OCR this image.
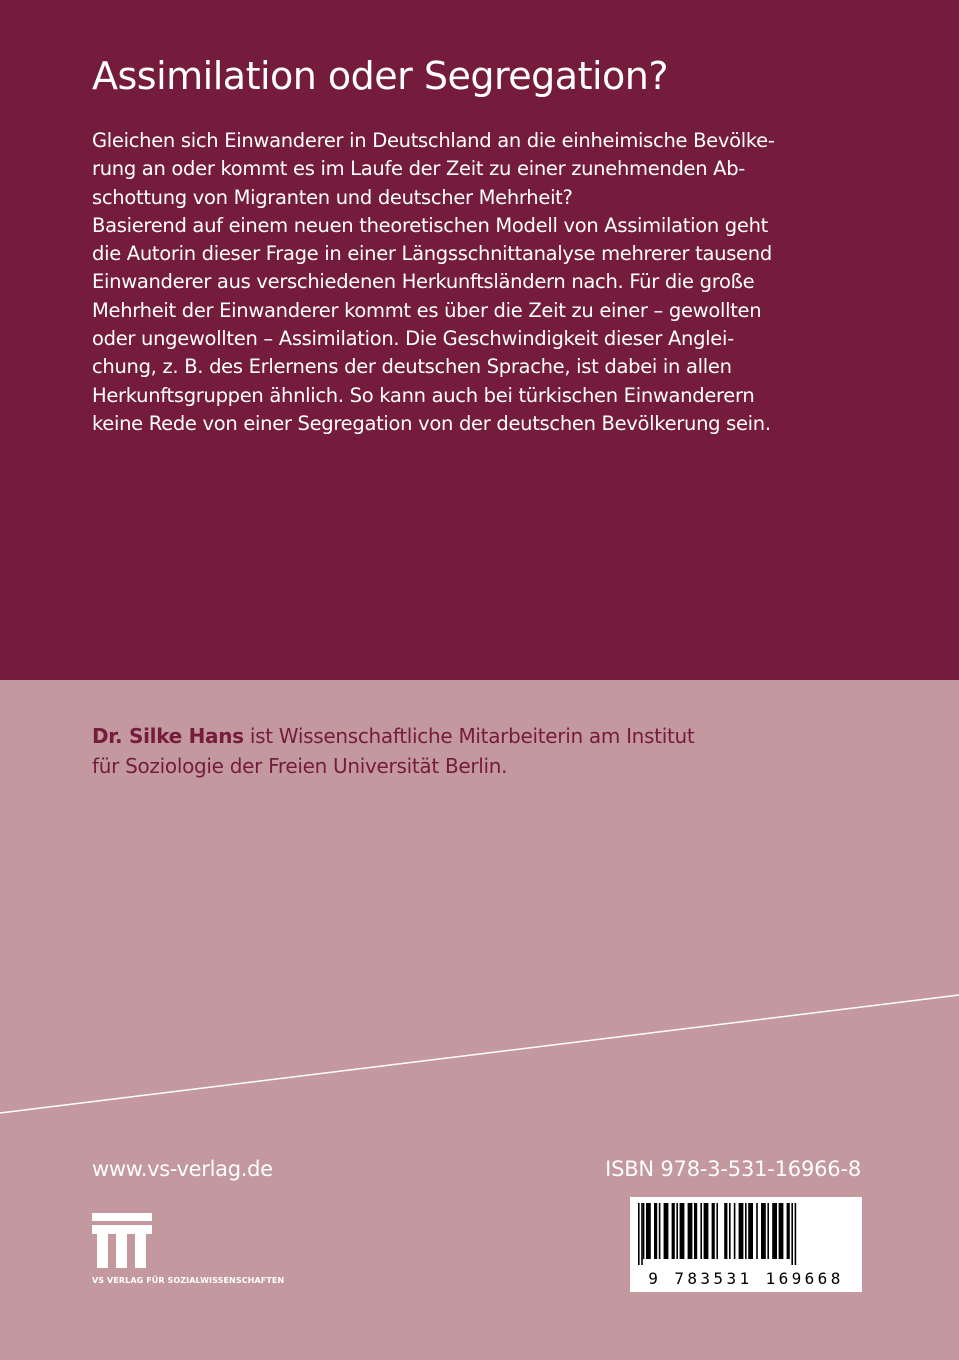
Assimilation oder Segregation?
Gleichen sich Einwanderer in Deutschland an die einheimische Bevölke-
rung an oder kommt es im Laufe der Zeit zu einer zunehmenden Ab-
schottung von Migranten und deutscher Mehrheit?
Basierend auf einem neuen theoretischen Modell von Assimilation geht
die Autorin dieser Frage in einer Längsschnittanalyse mehrerer tausend
Einwanderer aus verschiedenen Herkunftsländern nach. Für die große
Mehrheit der Einwanderer kommt es über die Zeit zu einer – gewollten
oder ungewollten – Assimilation. Die Geschwindigkeit dieser Anglei-
chung, z. B. des Erlernens der deutschen Sprache, ist dabei in allen
Herkunftsgruppen ähnlich. So kann auch bei türkischen Einwanderern
keine Rede von einer Segregation von der deutschen Bevölkerung sein.
Dr. Silke Hans ist Wissenschaftliche Mitarbeiterin am Institut
für Soziologie der Freien Universität Berlin.
www.vs-verlag.de
VS VERLAG FÜR SOZIALWISSENSCHAFTEN
ISBN 978-3-531-16966-8
9 783531 169668
